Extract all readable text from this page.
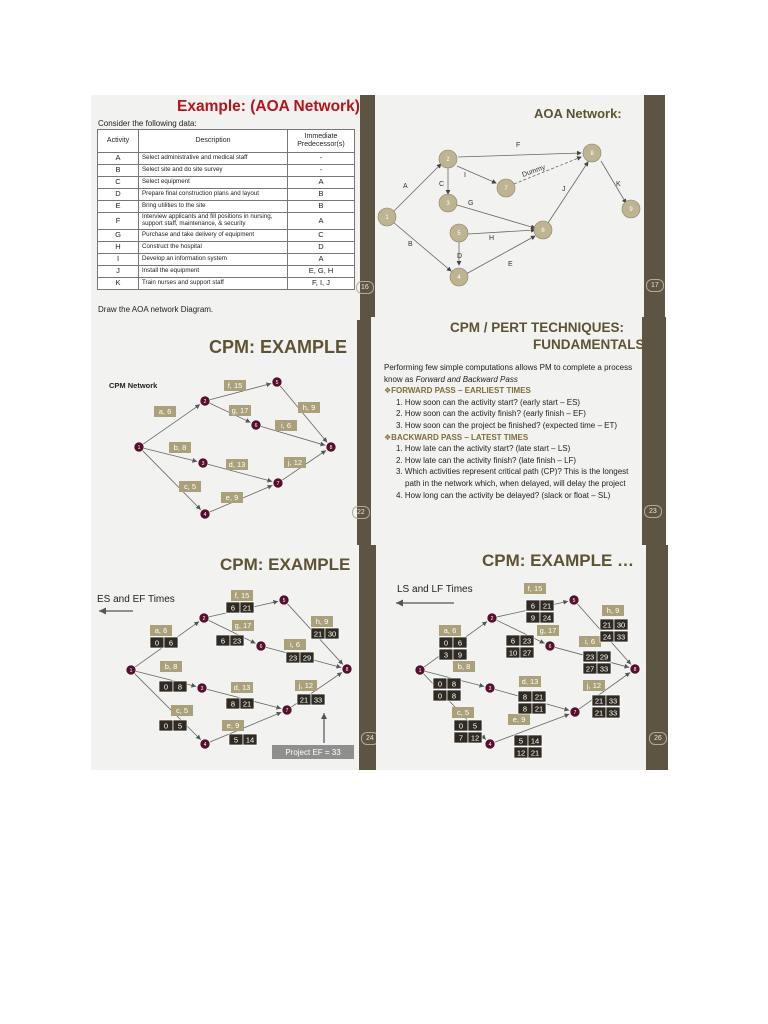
Example: (AOA Network)
Consider the following data:
Activity	Description	Immediate Predecessor(s)
A	Select administrative and medical staff	-
B	Select site and do site survey	-
C	Select equipment	A
D	Prepare final construction plans and layout	B
E	Bring utilities to the site	B
F	Interview applicants and fill positions in nursing, support staff, maintenance, & security	A
G	Purchase and take delivery of equipment	C
H	Construct the hospital	D
I	Develop an information system	A
J	Install the equipment	E, G, H
K	Train nurses and support staff	F, I, J
Draw the AOA network Diagram.
16
AOA Network:
A
B
C
D
E
F
G
H
I
J
K
Dummy
1
2
3
4
5	6
7
8
9
17
CPM: EXAMPLE
CPM Network
a, 6
b, 8
c, 5
d, 13
e, 9
f, 15
g, 17	h, 9
i, 6
j, 12
1
2
3
4
5
6
7
8
22
CPM / PERT TECHNIQUES:
FUNDAMENTALS
Performing few simple computations allows PM to complete a process
know as Forward and Backward Pass
❖FORWARD PASS – EARLIEST TIMES
1. How soon can the activity start? (early start – ES)
2. How soon can the activity finish? (early finish – EF)
3. How soon can the project be finished? (expected time – ET)
❖BACKWARD PASS – LATEST TIMES
1. How late can the activity start? (late start – LS)
2. How late can the activity finish? (late finish – LF)
3. Which activities represent critical path (CP)? This is the longest
path in the network which, when delayed, will delay the project
4. How long can the activity be delayed? (slack or float – SL)
23
CPM: EXAMPLE
ES and EF Times
a, 6
b, 8
c, 5
d, 13
e, 9
f, 15
g, 17	h, 9
i, 6
j, 12
1
2
3
4
5
6
7
8
0 6
0 8
0 5
8 21
5 14
6 21
6 23
21 30
23 29
21 33
Project EF = 33
24
CPM: EXAMPLE …
LS and LF Times
a, 6
b, 8
c, 5
d, 13
e, 9
f, 15
g, 17
h, 9
i, 6
j, 12
1
2
3
4
5
6
7
8
0 6
3 9
0 8
0 8
0 5
7 12
8 21
8 21
5 14
12 21
6 21
9 24
6 23
10 27
21 30
24 33
23 29
27 33
21 33
21 33
26
